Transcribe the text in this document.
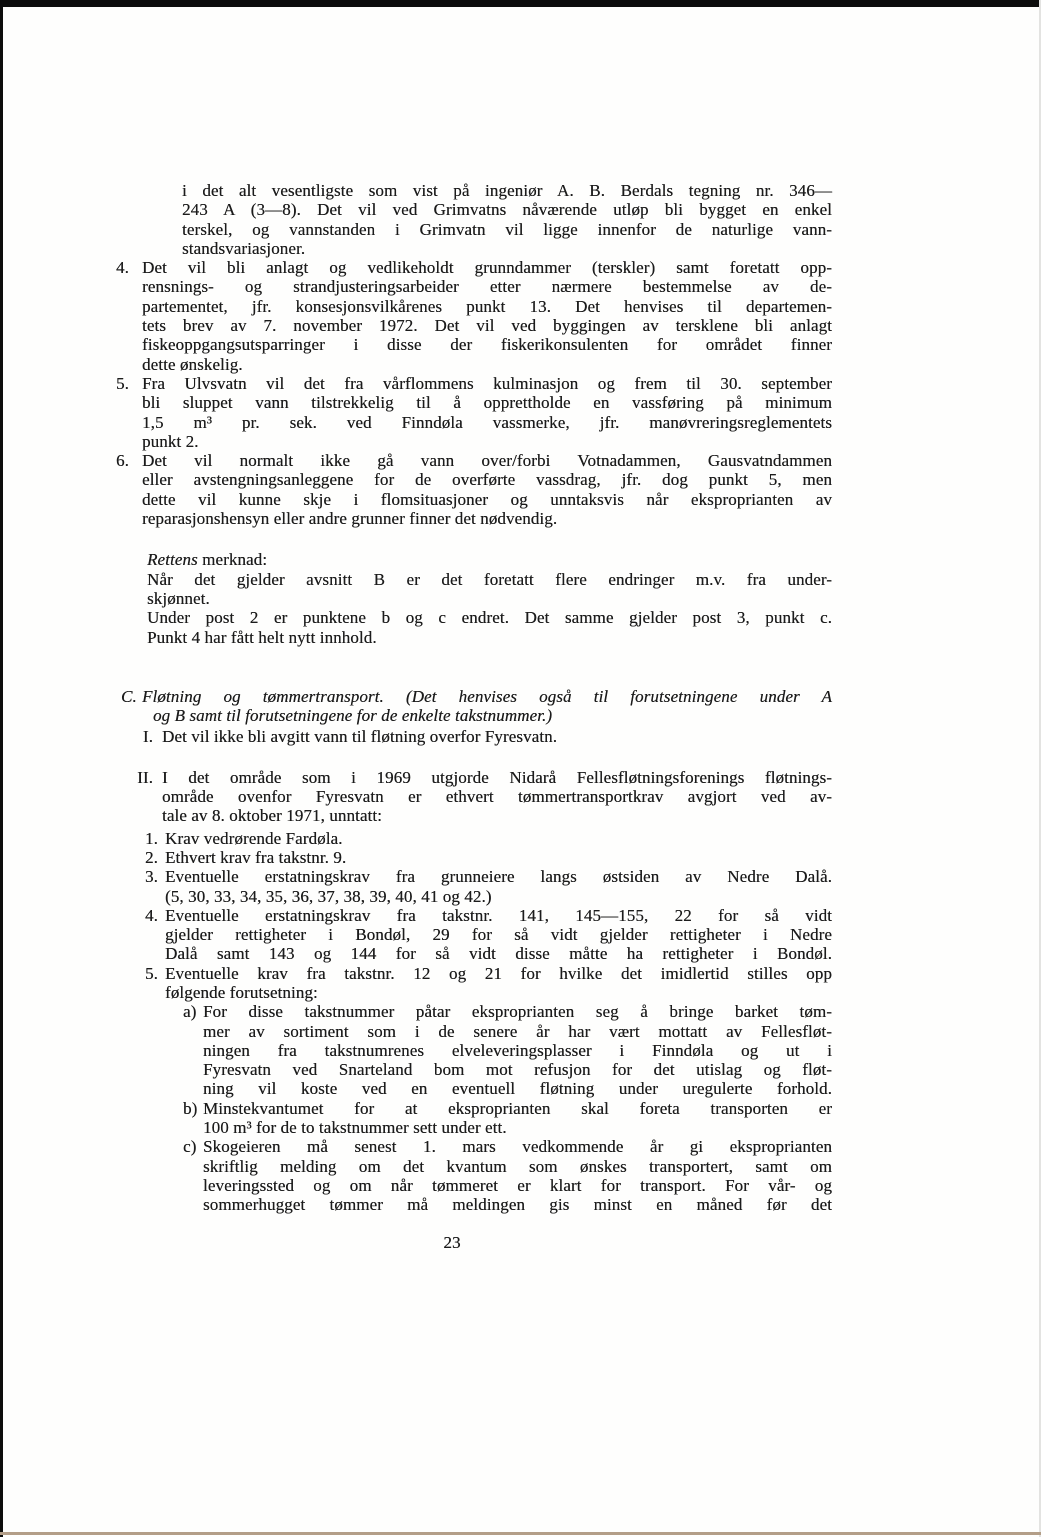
i det alt vesentligste som vist på ingeniør A. B. Berdals tegning nr. 346—
243 A (3—8). Det vil ved Grimvatns nåværende utløp bli bygget en enkel
terskel, og vannstanden i Grimvatn vil ligge innenfor de naturlige vann-
standsvariasjoner.
4. Det vil bli anlagt og vedlikeholdt grunndammer (terskler) samt foretatt opp-
rensnings- og strandjusteringsarbeider etter nærmere bestemmelse av de-
partementet, jfr. konsesjonsvilkårenes punkt 13. Det henvises til departemen-
tets brev av 7. november 1972. Det vil ved byggingen av tersklene bli anlagt
fiskeoppgangsutsparringer i disse der fiskerikonsulenten for området finner
dette ønskelig.
5. Fra Ulvsvatn vil det fra vårflommens kulminasjon og frem til 30. september
bli sluppet vann tilstrekkelig til å opprettholde en vassføring på minimum
1,5 m³ pr. sek. ved Finndøla vassmerke, jfr. manøvreringsreglementets
punkt 2.
6. Det vil normalt ikke gå vann over/forbi Votnadammen, Gausvatndammen
eller avstengningsanleggene for de overførte vassdrag, jfr. dog punkt 5, men
dette vil kunne skje i flomsituasjoner og unntaksvis når eksproprianten av
reparasjonshensyn eller andre grunner finner det nødvendig.
Rettens merknad:
Når det gjelder avsnitt B er det foretatt flere endringer m.v. fra under-
skjønnet.
Under post 2 er punktene b og c endret. Det samme gjelder post 3, punkt c.
Punkt 4 har fått helt nytt innhold.
C. Fløtning og tømmertransport. (Det henvises også til forutsetningene under A
og B samt til forutsetningene for de enkelte takstnummer.)
I. Det vil ikke bli avgitt vann til fløtning overfor Fyresvatn.
II. I det område som i 1969 utgjorde Nidarå Fellesfløtningsforenings fløtnings-
område ovenfor Fyresvatn er ethvert tømmertransportkrav avgjort ved av-
tale av 8. oktober 1971, unntatt:
1. Krav vedrørende Fardøla.
2. Ethvert krav fra takstnr. 9.
3. Eventuelle erstatningskrav fra grunneiere langs østsiden av Nedre Dalå.
(5, 30, 33, 34, 35, 36, 37, 38, 39, 40, 41 og 42.)
4. Eventuelle erstatningskrav fra takstnr. 141, 145—155, 22 for så vidt
gjelder rettigheter i Bondøl, 29 for så vidt gjelder rettigheter i Nedre
Dalå samt 143 og 144 for så vidt disse måtte ha rettigheter i Bondøl.
5. Eventuelle krav fra takstnr. 12 og 21 for hvilke det imidlertid stilles opp
følgende forutsetning:
a) For disse takstnummer påtar eksproprianten seg å bringe barket tøm-
mer av sortiment som i de senere år har vært mottatt av Fellesfløt-
ningen fra takstnumrenes elveleveringsplasser i Finndøla og ut i
Fyresvatn ved Snarteland bom mot refusjon for det utislag og fløt-
ning vil koste ved en eventuell fløtning under uregulerte forhold.
b) Minstekvantumet for at eksproprianten skal foreta transporten er
100 m³ for de to takstnummer sett under ett.
c) Skogeieren må senest 1. mars vedkommende år gi eksproprianten
skriftlig melding om det kvantum som ønskes transportert, samt om
leveringssted og om når tømmeret er klart for transport. For vår- og
sommerhugget tømmer må meldingen gis minst en måned før det
23
